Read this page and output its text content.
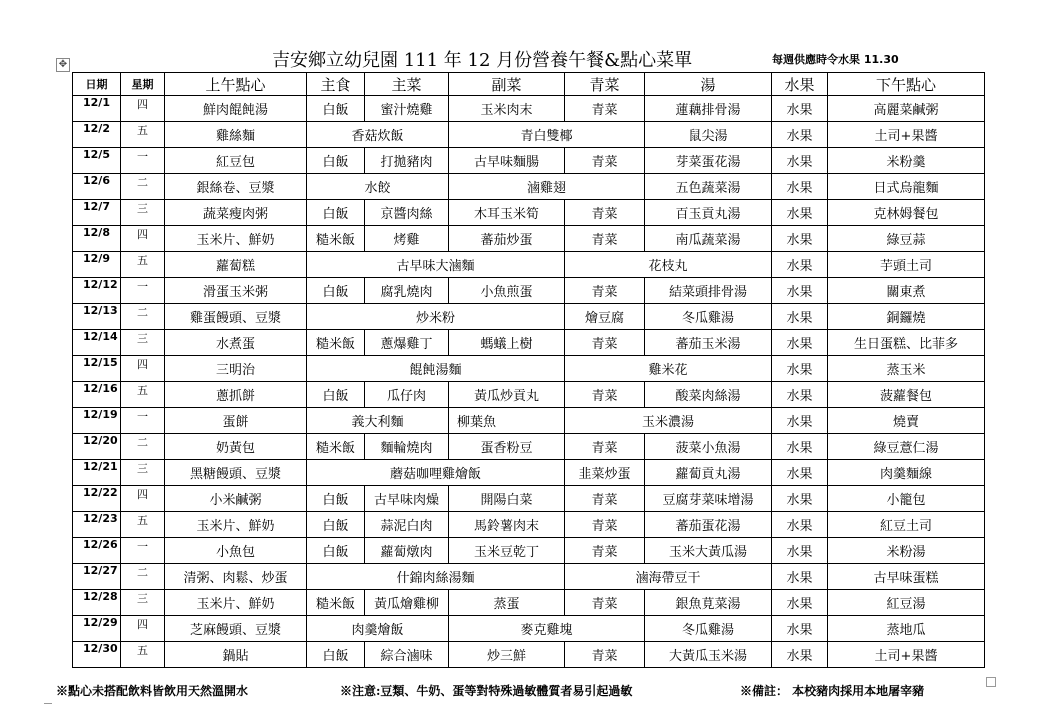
✥	吉安鄉立幼兒園 111 年 12 月份營養午餐&點心菜單	每週供應時令水果 11.30
日期	星期	上午點心	主食	主菜	副菜	青菜	湯	水果	下午點心
12/1	四	鮮肉餛飩湯	白飯	蜜汁燒雞	玉米肉末	青菜	蓮藕排骨湯	水果	高麗菜鹹粥
12/2	五	雞絲麵	香菇炊飯		青白雙椰		鼠尖湯	水果	土司+果醬
12/5	一	紅豆包	白飯	打拋豬肉	古早味麵腸	青菜	芽菜蛋花湯	水果	米粉羹
12/6	二	銀絲卷、豆漿	水餃		滷雞翅		五色蔬菜湯	水果	日式烏龍麵
12/7	三	蔬菜瘦肉粥	白飯	京醬肉絲	木耳玉米筍	青菜	百玉貢丸湯	水果	克林姆餐包
12/8	四	玉米片、鮮奶	糙米飯	烤雞	蕃茄炒蛋	青菜	南瓜蔬菜湯	水果	綠豆蒜
12/9	五	蘿蔔糕	古早味大滷麵			花枝丸		水果	芋頭土司
12/12	一	滑蛋玉米粥	白飯	腐乳燒肉	小魚煎蛋	青菜	結菜頭排骨湯	水果	關東煮
12/13	二	雞蛋饅頭、豆漿	炒米粉			燴豆腐	冬瓜雞湯	水果	銅鑼燒
12/14	三	水煮蛋	糙米飯	蔥爆雞丁	螞蟻上樹	青菜	蕃茄玉米湯	水果	生日蛋糕、比菲多
12/15	四	三明治	餛飩湯麵			雞米花		水果	蒸玉米
12/16	五	蔥抓餅	白飯	瓜仔肉	黃瓜炒貢丸	青菜	酸菜肉絲湯	水果	菠蘿餐包
12/19	一	蛋餅	義大利麵		柳葉魚	玉米濃湯		水果	燒賣
12/20	二	奶黃包	糙米飯	麵輪燒肉	蛋香粉豆	青菜	菠菜小魚湯	水果	綠豆薏仁湯
12/21	三	黑糖饅頭、豆漿	蘑菇咖哩雞燴飯			韭菜炒蛋	蘿蔔貢丸湯	水果	肉羹麵線
12/22	四	小米鹹粥	白飯	古早味肉燥	開陽白菜	青菜	豆腐芽菜味增湯	水果	小籠包
12/23	五	玉米片、鮮奶	白飯	蒜泥白肉	馬鈴薯肉末	青菜	蕃茄蛋花湯	水果	紅豆土司
12/26	一	小魚包	白飯	蘿蔔燉肉	玉米豆乾丁	青菜	玉米大黃瓜湯	水果	米粉湯
12/27	二	清粥、肉鬆、炒蛋	什錦肉絲湯麵			滷海帶豆干		水果	古早味蛋糕
12/28	三	玉米片、鮮奶	糙米飯	黃瓜燴雞柳	蒸蛋	青菜	銀魚莧菜湯	水果	紅豆湯
12/29	四	芝麻饅頭、豆漿	肉羹燴飯		麥克雞塊		冬瓜雞湯	水果	蒸地瓜
12/30	五	鍋貼	白飯	綜合滷味	炒三鮮	青菜	大黃瓜玉米湯	水果	土司+果醬
※點心未搭配飲料皆飲用天然溫開水	※注意:豆類、牛奶、蛋等對特殊過敏體質者易引起過敏	※備註： 本校豬肉採用本地屠宰豬
